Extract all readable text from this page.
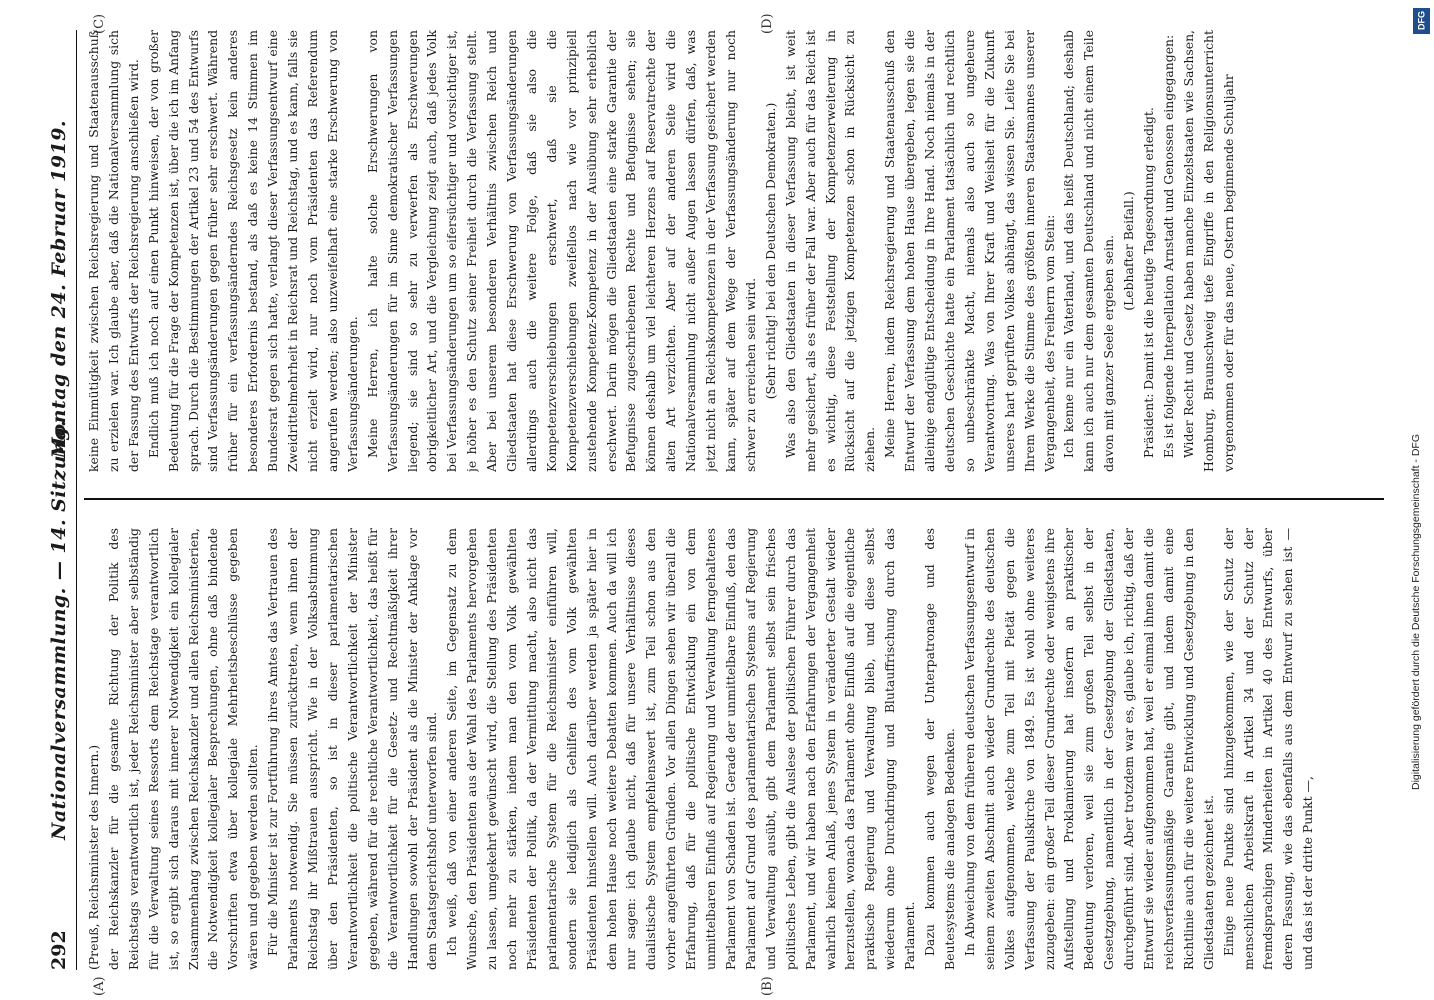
292
Nationalversammlung. — 14. Sitzung.
Montag den 24. Februar 1919.

(Preuß, Reichsminister des Innern.) der Reichskanzler für die gesamte Richtung der Politik des Reichstags verantwortlich ist, jeder Reichsminister aber selbständig für die Verwaltung seines Ressorts dem Reichstage verantwortlich ist, so ergibt sich daraus mit innerer Notwendigkeit ein kollegialer Zusammenhang zwischen Reichskanzler und allen Reichsministerien, die Notwendigkeit kollegialer Besprechungen, ohne daß bindende Vorschriften etwa über kollegiale Mehrheitsbeschlüsse gegeben wären und gegeben werden sollten. Für die Minister ist zur Fortführung ihres Amtes das Vertrauen des Parlaments notwendig. Sie müssen zurücktreten, wenn ihnen der Reichstag ihr Mißtrauen ausspricht. Wie in der Volksabstimmung über den Präsidenten, so ist in dieser parlamentarischen Verantwortlichkeit die politische Verantwortlichkeit der Minister gegeben, während für die rechtliche Verantwortlichkeit, das heißt für die Verantwortlichkeit für die Gesetz- und Rechtmäßigkeit ihrer Handlungen sowohl der Präsident als die Minister der Anklage vor dem Staatsgerichtshof unterworfen sind. Ich weiß, daß von einer anderen Seite, im Gegensatz zu dem Wunsche, den Präsidenten aus der Wahl des Parlaments hervorgehen zu lassen, umgekehrt gewünscht wird, die Stellung des Präsidenten noch mehr zu stärken, indem man den vom Volk gewählten Präsidenten der Politik, da der Vermittlung macht, also nicht das parlamentarische System für die Reichsminister einführen will, sondern sie lediglich als Gehilfen des vom Volk gewählten Präsidenten hinstellen will. Auch darüber werden ja später hier in dem hohen Hause noch weitere Debatten kommen. Auch da will ich nur sagen: ich glaube nicht, daß für unsere Verhältnisse dieses dualistische System empfehlenswert ist, zum Teil schon aus den vorher angeführten Gründen. Vor allen Dingen sehen wir überall die Erfahrung, daß für die politische Entwicklung ein von dem unmittelbaren Einfluß auf Regierung und Verwaltung ferngehaltenes Parlament von Schaden ist. Gerade der unmittelbare Einfluß, den das Parlament auf Grund des parlamentarischen Systems auf Regierung und Verwaltung ausübt, gibt dem Parlament selbst sein frisches politisches Leben, gibt die Auslese der politischen Führer durch das Parlament, und wir haben nach den Erfahrungen der Vergangenheit wahrlich keinen Anlaß, jenes System in veränderter Gestalt wieder herzustellen, wonach das Parlament ohne Einfluß auf die eigentliche praktische Regierung und Verwaltung blieb, und diese selbst wiederum ohne Durchdringung und Blutauffrischung durch das Parlament. Dazu kommen auch wegen der Unterpatronage und des Beutesystems die analogen Bedenken. In Abweichung von dem früheren deutschen Verfassungsentwurf in seinem zweiten Abschnitt auch wieder Grundrechte des deutschen Volkes aufgenommen, welche zum Teil mit Pietät gegen die Verfassung der Paulskirche von 1849. Es ist wohl ohne weiteres zuzugeben: ein großer Teil dieser Grundrechte oder wenigstens ihre Aufstellung und Proklamierung hat insofern an praktischer Bedeutung verloren, weil sie zum großen Teil selbst in der Gesetzgebung, namentlich in der Gesetzgebung der Gliedstaaten, durchgeführt sind. Aber trotzdem war es, glaube ich, richtig, daß der Entwurf sie wieder aufgenommen hat, weil er einmal ihnen damit die reichsverfassungsmäßige Garantie gibt, und indem damit eine Richtlinie auch für die weitere Entwicklung und Gesetzgebung in den Gliedstaaten gezeichnet ist. Einige neue Punkte sind hinzugekommen, wie der Schutz der menschlichen Arbeitskraft in Artikel 34 und der Schutz der fremdsprachigen Minderheiten in Artikel 40 des Entwurfs, über deren Fassung, wie das ebenfalls aus dem Entwurf zu sehen ist — und das ist der dritte Punkt —,

keine Einmütigkeit zwischen Reichsregierung und Staatenausschuß zu erzielen war. Ich glaube aber, daß die Nationalversammlung sich der Fassung des Entwurfs der Reichsregierung anschließen wird. Endlich muß ich noch auf einen Punkt hinweisen, der von großer Bedeutung für die Frage der Kompetenzen ist, über die ich im Anfang sprach. Durch die Bestimmungen der Artikel 23 und 54 des Entwurfs sind Verfassungsänderungen gegen früher sehr erschwert. Während früher für ein verfassungsänderndes Reichsgesetz kein anderes besonderes Erfordernis bestand, als daß es keine 14 Stimmen im Bundesrat gegen sich hatte, verlangt dieser Verfassungsentwurf eine Zweidrittelmehrheit in Reichsrat und Reichstag, und es kann, falls sie nicht erzielt wird, nur noch vom Präsidenten das Referendum angerufen werden; also unzweifelhaft eine starke Erschwerung von Verfassungsänderungen. Meine Herren, ich halte solche Erschwerungen von Verfassungsänderungen für im Sinne demokratischer Verfassungen liegend; sie sind so sehr zu verwerfen als Erschwerungen obrigkeitlicher Art, und die Vergleichung zeigt auch, daß jedes Volk bei Verfassungsänderungen um so eifersüchtiger und vorsichtiger ist, je höher es den Schutz seiner Freiheit durch die Verfassung stellt. Aber bei unserem besonderen Verhältnis zwischen Reich und Gliedstaaten hat diese Erschwerung von Verfassungsänderungen allerdings auch die weitere Folge, daß sie also die Kompetenzverschiebungen erschwert, daß sie die Kompetenzverschiebungen zweifellos nach wie vor prinzipiell zustehende Kompetenz-Kompetenz in der Ausübung sehr erheblich erschwert. Darin mögen die Gliedstaaten eine starke Garantie der Befugnisse zugeschriebenen Rechte und Befugnisse sehen; sie können deshalb um viel leichteren Herzens auf Reservatrechte der alten Art verzichten. Aber auf der anderen Seite wird die Nationalversammlung nicht außer Augen lassen dürfen, daß, was jetzt nicht an Reichskompetenzen in der Verfassung gesichert werden kann, später auf dem Wege der Verfassungsänderung nur noch schwer zu erreichen sein wird. (Sehr richtig! bei den Deutschen Demokraten.) Was also den Gliedstaaten in dieser Verfassung bleibt, ist weit mehr gesichert, als es früher der Fall war. Aber auch für das Reich ist es wichtig, diese Feststellung der Kompetenzerweiterung in Rücksicht auf die jetzigen Kompetenzen schon in Rücksicht zu ziehen. Meine Herren, indem Reichsregierung und Staatenausschuß den Entwurf der Verfassung dem hohen Hause übergeben, legen sie die alleinige endgültige Entscheidung in Ihre Hand. Noch niemals in der deutschen Geschichte hatte ein Parlament tatsächlich und rechtlich so unbeschränkte Macht, niemals also auch so ungeheure Verantwortung. Was von Ihrer Kraft und Weisheit für die Zukunft unseres hart geprüften Volkes abhängt, das wissen Sie. Leite Sie bei Ihrem Werke die Stimme des größten inneren Staatsmannes unserer Vergangenheit, des Freiherrn vom Stein: Ich kenne nur ein Vaterland, und das heißt Deutschland; deshalb kann ich auch nur dem gesamten Deutschland und nicht einem Teile davon mit ganzer Seele ergeben sein. (Lebhafter Beifall.) Präsident: Damit ist die heutige Tagesordnung erledigt. Es ist folgende Interpellation Arnstadt und Genossen eingegangen: Wider Recht und Gesetz haben manche Einzelstaaten wie Sachsen, Homburg, Braunschweig tiefe Eingriffe in den Religionsunterricht vorgenommen oder für das neue, Ostern beginnende Schuljahr

(A)	(B)
(C)	(D)
Digitalisierung gefördert durch die Deutsche Forschungsgemeinschaft - DFG
DFG
